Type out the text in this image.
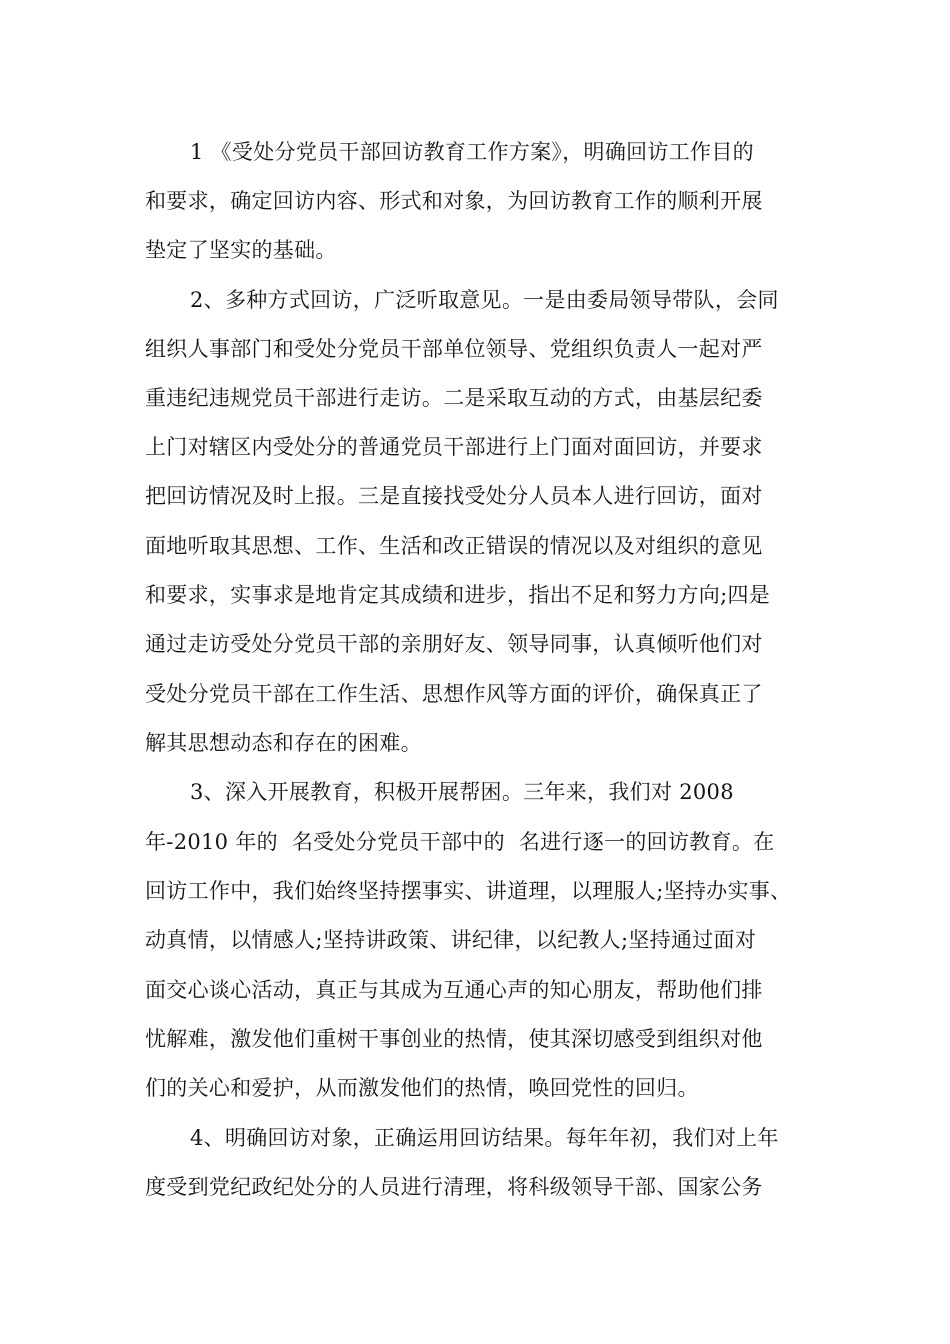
1 《受处分党员干部回访教育工作方案》，明确回访工作目的
和要求，确定回访内容、形式和对象，为回访教育工作的顺利开展
垫定了坚实的基础。
2、多种方式回访，广泛听取意见。一是由委局领导带队，会同
组织人事部门和受处分党员干部单位领导、党组织负责人一起对严
重违纪违规党员干部进行走访。二是采取互动的方式，由基层纪委
上门对辖区内受处分的普通党员干部进行上门面对面回访，并要求
把回访情况及时上报。三是直接找受处分人员本人进行回访，面对
面地听取其思想、工作、生活和改正错误的情况以及对组织的意见
和要求，实事求是地肯定其成绩和进步，指出不足和努力方向;四是
通过走访受处分党员干部的亲朋好友、领导同事，认真倾听他们对
受处分党员干部在工作生活、思想作风等方面的评价，确保真正了
解其思想动态和存在的困难。
3、深入开展教育，积极开展帮困。三年来，我们对 2008
年-2010 年的  名受处分党员干部中的  名进行逐一的回访教育。在
回访工作中，我们始终坚持摆事实、讲道理，以理服人;坚持办实事、
动真情，以情感人;坚持讲政策、讲纪律，以纪教人;坚持通过面对
面交心谈心活动，真正与其成为互通心声的知心朋友，帮助他们排
忧解难，激发他们重树干事创业的热情，使其深切感受到组织对他
们的关心和爱护，从而激发他们的热情，唤回党性的回归。
4、明确回访对象，正确运用回访结果。每年年初，我们对上年
度受到党纪政纪处分的人员进行清理，将科级领导干部、国家公务
